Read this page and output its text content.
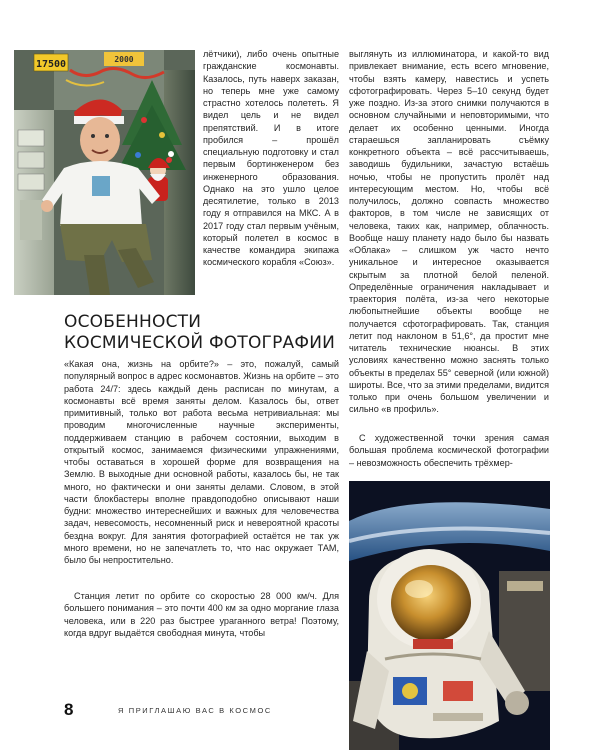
17500	2000

лётчики), либо очень опытные гражданские космонавты. Казалось, путь наверх заказан, но теперь мне уже самому страстно хотелось полететь. Я видел цель и не видел препятствий. И в итоге пробился – прошёл специальную подготовку и стал первым бортинженером без инженерного образования. Однако на это ушло целое десятилетие, только в 2013 году я отправился на МКС. А в 2017 году стал первым учёным, который полетел в космос в качестве командира экипажа космического корабля «Союз».

выглянуть из иллюминатора, и какой-то вид привлекает внимание, есть всего мгновение, чтобы взять камеру, навестись и успеть сфотографировать. Через 5–10 секунд будет уже поздно. Из-за этого снимки получаются в основном случайными и неповторимыми, что делает их особенно ценными. Иногда стараешься запланировать съёмку конкретного объекта – всё рассчитываешь, заводишь будильники, зачастую встаёшь ночью, чтобы не пропустить пролёт над интересующим местом. Но, чтобы всё получилось, должно совпасть множество факторов, в том числе не зависящих от человека, таких как, например, облачность. Вообще нашу планету надо было бы назвать «Облака» – слишком уж часто нечто уникальное и интересное оказывается скрытым за плотной белой пеленой. Определённые ограничения накладывает и траектория полёта, из-за чего некоторые любопытнейшие объекты вообще не получается сфотографировать. Так, станция летит под наклоном в 51,6°, да простит мне читатель технические нюансы. В этих условиях качественно можно заснять только объекты в пределах 55° северной (или южной) широты. Все, что за этими пределами, видится только при очень большом увеличении и сильно «в профиль».

С художественной точки зрения самая большая проблема космической фотографии – невозможность обеспечить трёхмер-

ОСОБЕННОСТИ КОСМИЧЕСКОЙ ФОТОГРАФИИ

«Какая она, жизнь на орбите?» – это, пожалуй, самый популярный вопрос в адрес космонавтов. Жизнь на орбите – это работа 24/7: здесь каждый день расписан по минутам, а космонавты всё время заняты делом. Казалось бы, ответ примитивный, только вот работа весьма нетривиальная: мы проводим многочисленные научные эксперименты, поддерживаем станцию в рабочем состоянии, выходим в открытый космос, занимаемся физическими упражнениями, чтобы оставаться в хорошей форме для возвращения на Землю. В выходные дни основной работы, казалось бы, не так много, но фактически и они заняты делами. Словом, в этой части блокбастеры вполне правдоподобно описывают наши будни: множество интереснейших и важных для человечества задач, невесомость, несомненный риск и невероятной красоты бездна вокруг. Для занятия фотографией остаётся не так уж много времени, но не запечатлеть то, что нас окружает ТАМ, было бы непростительно.

Станция летит по орбите со скоростью 28 000 км/ч. Для большего понимания – это почти 400 км за одно моргание глаза человека, или в 220 раз быстрее ураганного ветра! Поэтому, когда вдруг выдаётся свободная минута, чтобы

8	Я ПРИГЛАШАЮ ВАС В КОСМОС
